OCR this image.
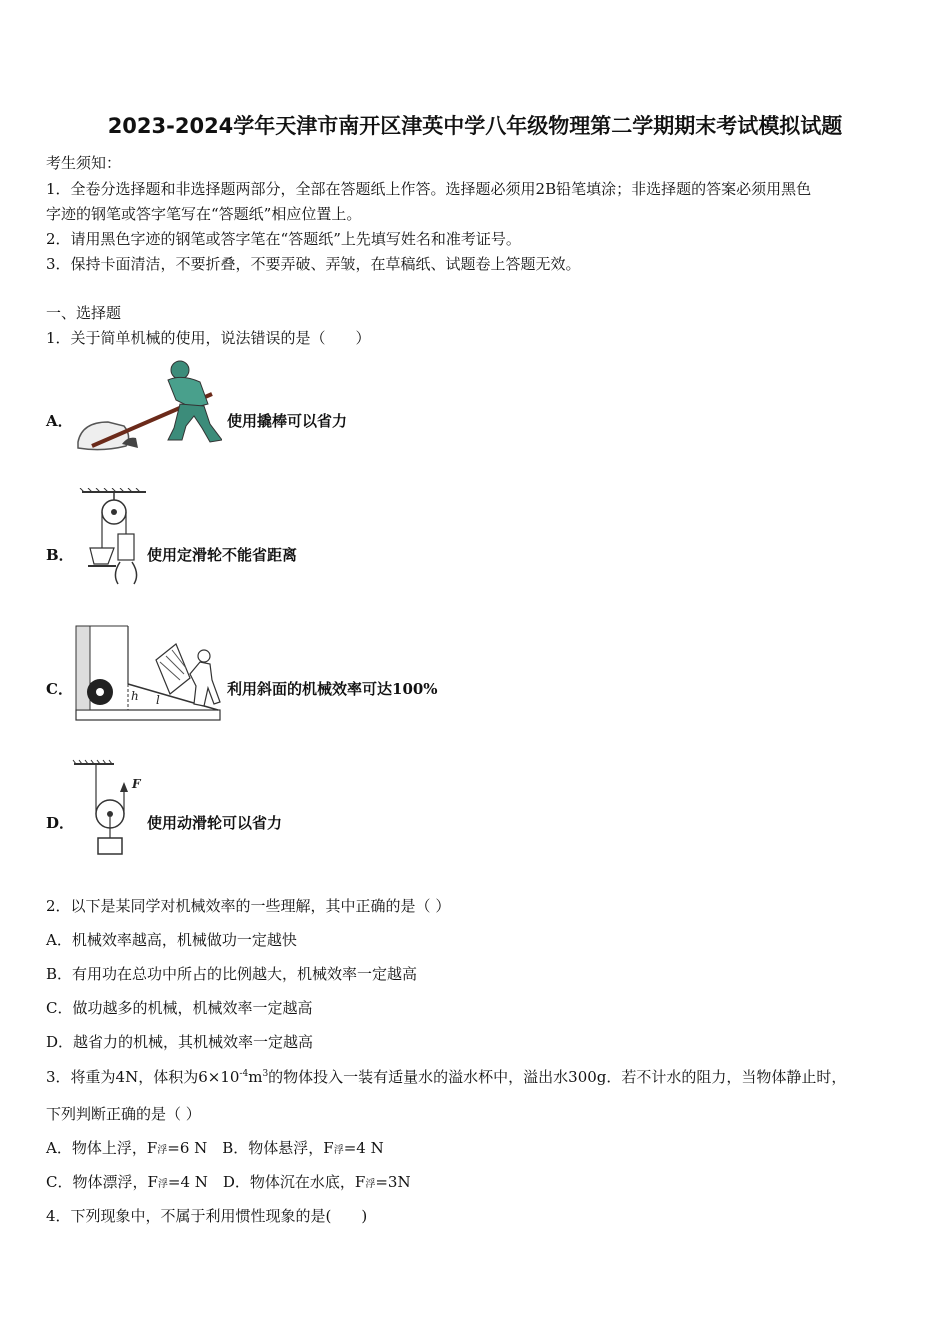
2023-2024学年天津市南开区津英中学八年级物理第二学期期末考试模拟试题
考生须知：
1．全卷分选择题和非选择题两部分，全部在答题纸上作答。选择题必须用2B铅笔填涂；非选择题的答案必须用黑色
字迹的钢笔或答字笔写在“答题纸”相应位置上。
2．请用黑色字迹的钢笔或答字笔在“答题纸”上先填写姓名和准考证号。
3．保持卡面清洁，不要折叠，不要弄破、弄皱，在草稿纸、试题卷上答题无效。
一、选择题
1．关于简单机械的使用，说法错误的是（　　）
A．	使用撬棒可以省力
B．	使用定滑轮不能省距离
C．	h l
利用斜面的机械效率可达100%
D．
F
使用动滑轮可以省力
2．以下是某同学对机械效率的一些理解，其中正确的是（ ）
A．机械效率越高，机械做功一定越快
B．有用功在总功中所占的比例越大，机械效率一定越高
C．做功越多的机械，机械效率一定越高
D．越省力的机械，其机械效率一定越高
3．将重为4N，体积为$6\times 10^{-4}m^3$的物体投入一装有适量水的溢水杯中，溢出水300g．若不计水的阻力，当物体静止时，
下列判断正确的是（ ）
A．物体上浮，F浮=6 N　B．物体悬浮，F浮=4 N
C．物体漂浮，F浮=4 N　D．物体沉在水底，F浮=3N
4．下列现象中，不属于利用惯性现象的是(　　)
